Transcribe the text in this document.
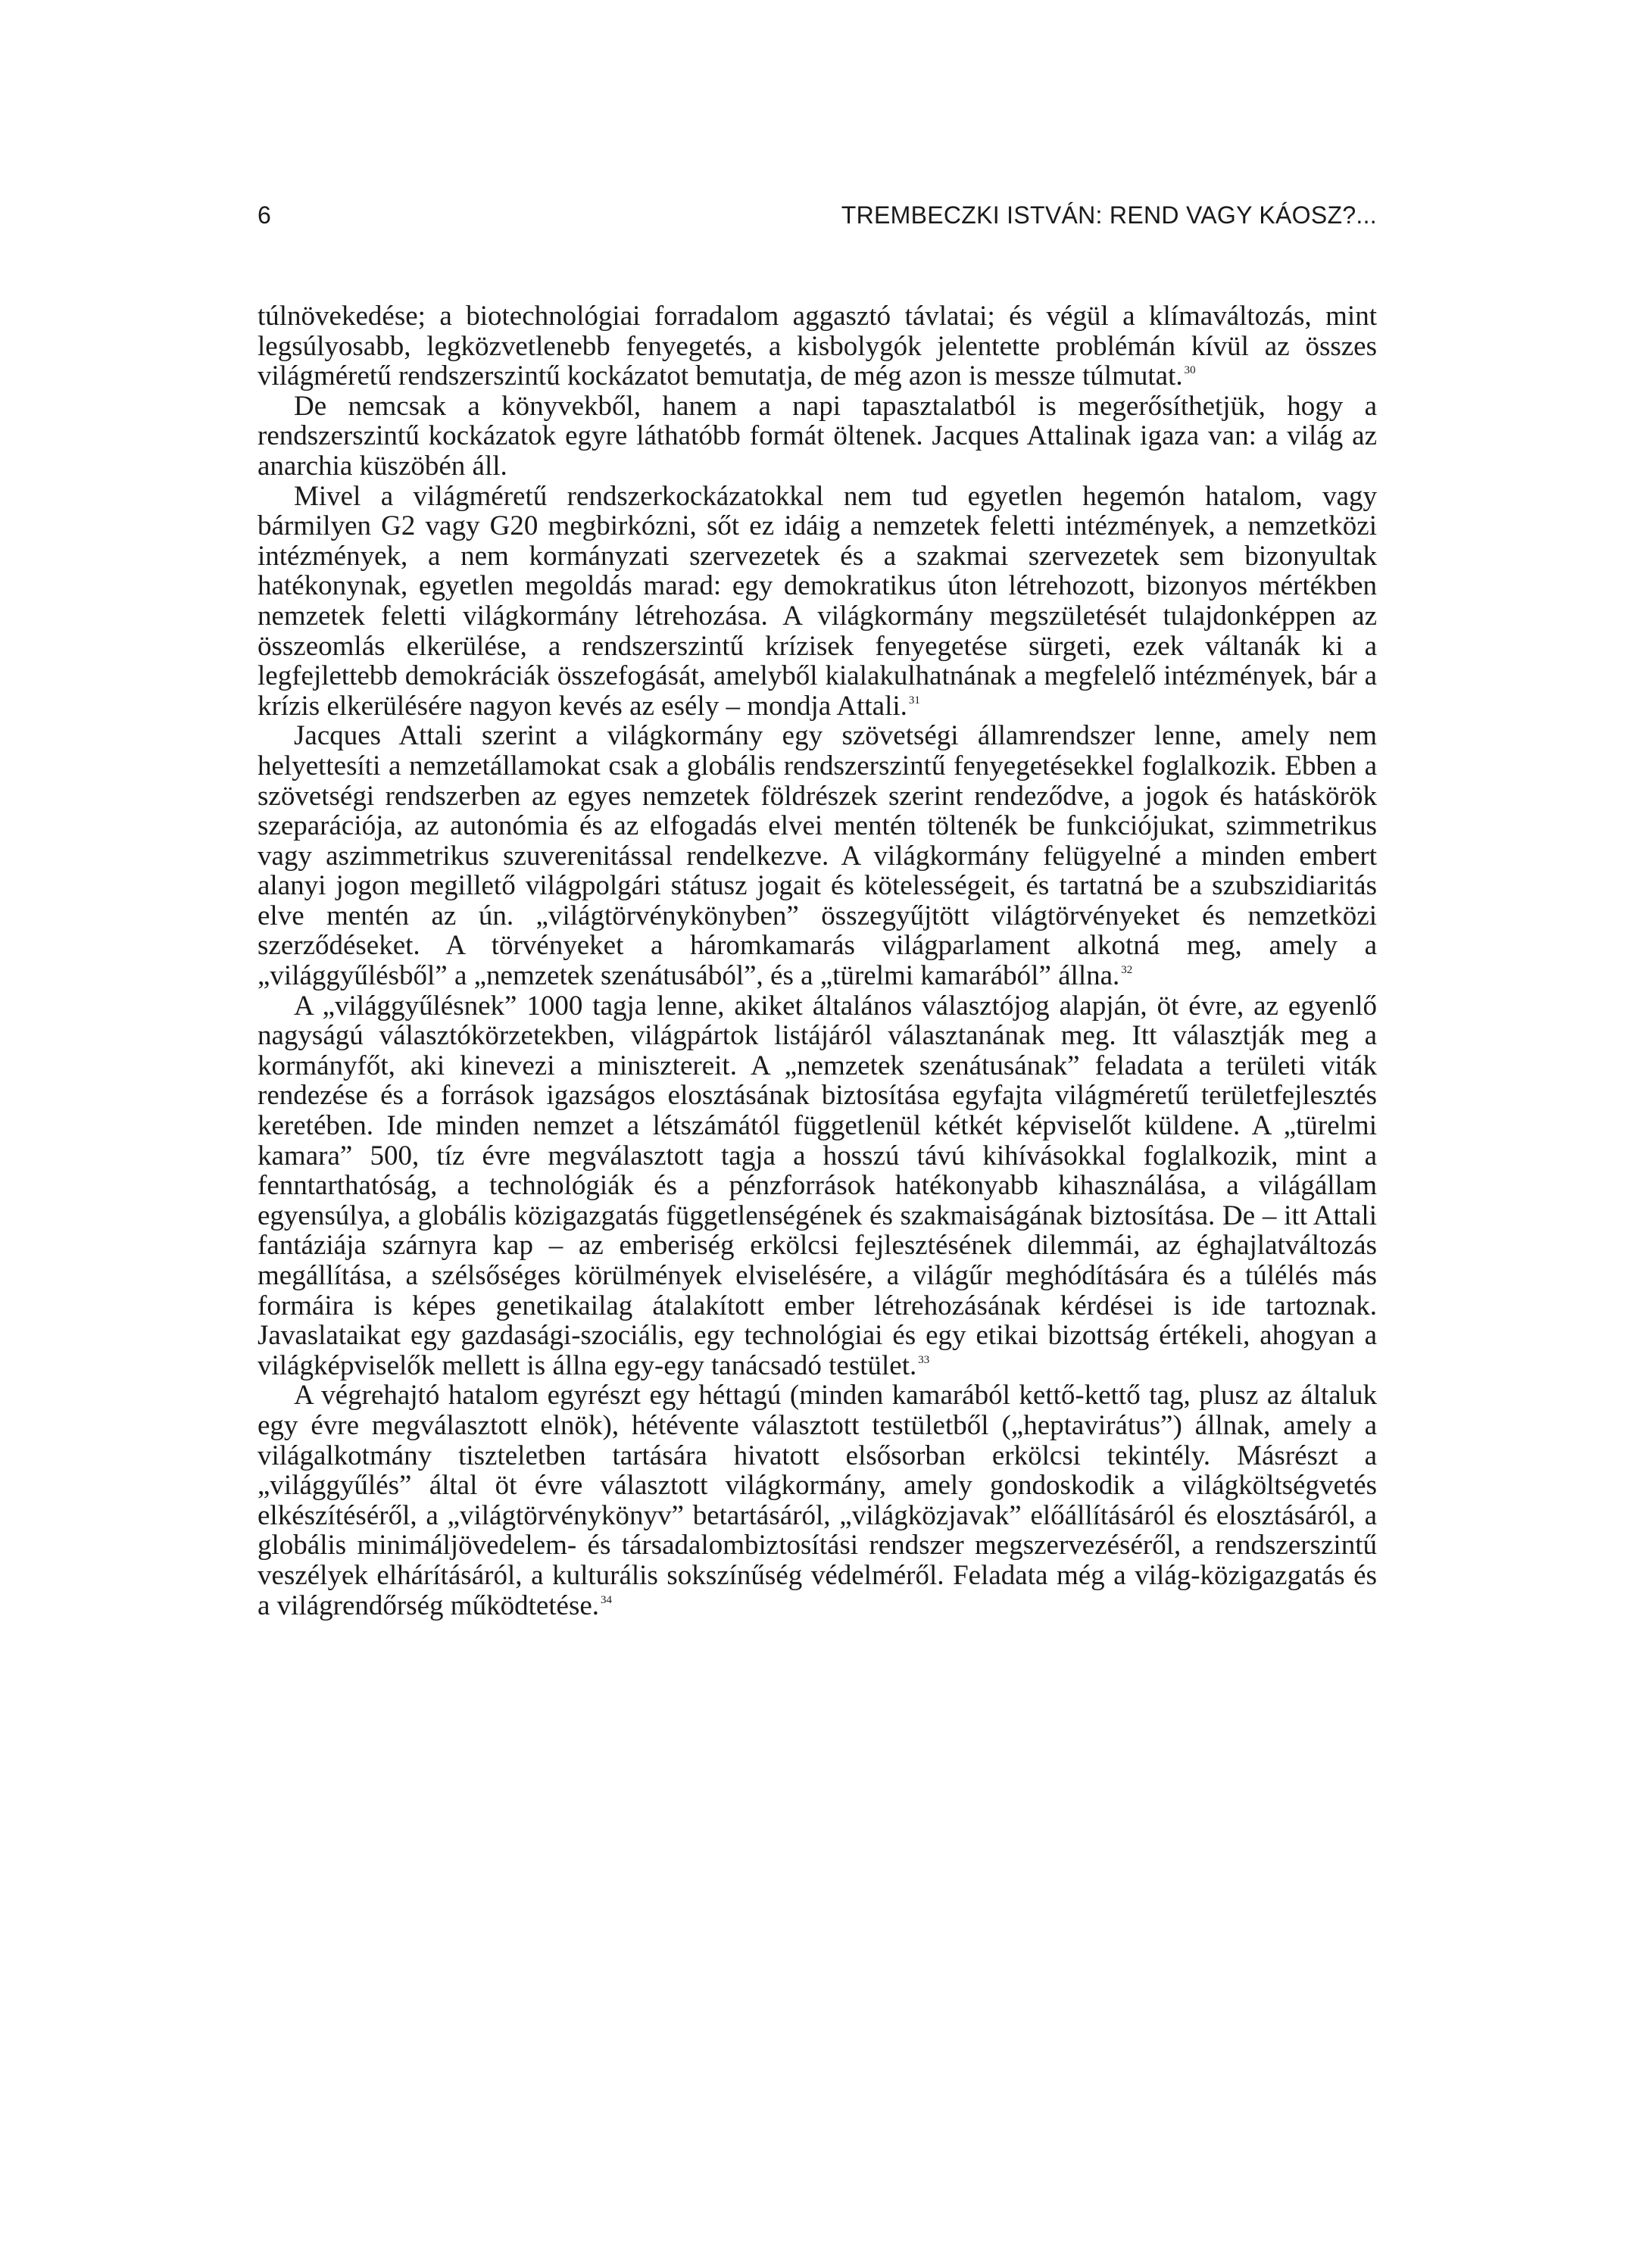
6	TREMBECZKI ISTVÁN: REND VAGY KÁOSZ?...

túlnövekedése; a biotechnológiai forradalom aggasztó távlatai; és végül a klímaváltozás, mint legsúlyosabb, legközvetlenebb fenyegetés, a kisbolygók jelentette problémán kívül az összes világméretű rendszerszintű kockázatot bemutatja, de még azon is messze túlmutat. $^{30}$

De nemcsak a könyvekből, hanem a napi tapasztalatból is megerősíthetjük, hogy a rendszerszintű kockázatok egyre láthatóbb formát öltenek. Jacques Attalinak igaza van: a világ az anarchia küszöbén áll.

Mivel a világméretű rendszerkockázatokkal nem tud egyetlen hegemón hatalom, vagy bármilyen G2 vagy G20 megbirkózni, sőt ez idáig a nemzetek feletti intézmények, a nemzetközi intézmények, a nem kormányzati szervezetek és a szakmai szervezetek sem bizonyultak hatékonynak, egyetlen megoldás marad: egy demokratikus úton létrehozott, bizonyos mértékben nemzetek feletti világkormány létrehozása. A világkormány megszületését tulajdonképpen az összeomlás elkerülése, a rendszerszintű krízisek fenyegetése sürgeti, ezek váltanák ki a legfejlettebb demokráciák összefogását, amelyből kialakulhatnának a megfelelő intézmények, bár a krízis elkerülésére nagyon kevés az esély – mondja Attali. $^{31}$

Jacques Attali szerint a világkormány egy szövetségi államrendszer lenne, amely nem helyettesíti a nemzetállamokat csak a globális rendszerszintű fenyegetésekkel foglalkozik. Ebben a szövetségi rendszerben az egyes nemzetek földrészek szerint rendeződve, a jogok és hatáskörök szeparációja, az autonómia és az elfogadás elvei mentén töltenék be funkciójukat, szimmetrikus vagy aszimmetrikus szuverenitással rendelkezve. A világkormány felügyelné a minden embert alanyi jogon megillető világpolgári státusz jogait és kötelességeit, és tartatná be a szubszidiaritás elve mentén az ún. „világtörvénykönyben” összegyűjtött világtörvényeket és nemzetközi szerződéseket. A törvényeket a háromkamarás világparlament alkotná meg, amely a „világgyűlésből” a „nemzetek szenátusából”, és a „türelmi kamarából” állna. $^{32}$

A „világgyűlésnek” 1000 tagja lenne, akiket általános választójog alapján, öt évre, az egyenlő nagyságú választókörzetekben, világpártok listájáról választanának meg. Itt választják meg a kormányfőt, aki kinevezi a minisztereit. A „nemzetek szenátusának” feladata a területi viták rendezése és a források igazságos elosztásának biztosítása egyfajta világméretű területfejlesztés keretében. Ide minden nemzet a létszámától függetlenül kétkét képviselőt küldene. A „türelmi kamara” 500, tíz évre megválasztott tagja a hosszú távú kihívásokkal foglalkozik, mint a fenntarthatóság, a technológiák és a pénzforrások hatékonyabb kihasználása, a világállam egyensúlya, a globális közigazgatás függetlenségének és szakmaiságának biztosítása. De – itt Attali fantáziája szárnyra kap – az emberiség erkölcsi fejlesztésének dilemmái, az éghajlatváltozás megállítása, a szélsőséges körülmények elviselésére, a világűr meghódítására és a túlélés más formáira is képes genetikailag átalakított ember létrehozásának kérdései is ide tartoznak. Javaslataikat egy gazdasági-szociális, egy technológiai és egy etikai bizottság értékeli, ahogyan a világképviselők mellett is állna egy-egy tanácsadó testület. $^{33}$

A végrehajtó hatalom egyrészt egy héttagú (minden kamarából kettő-kettő tag, plusz az általuk egy évre megválasztott elnök), hétévente választott testületből („heptavirátus”) állnak, amely a világalkotmány tiszteletben tartására hivatott elsősorban erkölcsi tekintély. Másrészt a „világgyűlés” által öt évre választott világkormány, amely gondoskodik a világköltségvetés elkészítéséről, a „világtörvénykönyv” betartásáról, „világközjavak” előállításáról és elosztásáról, a globális minimáljövedelem- és társadalombiztosítási rendszer megszervezéséről, a rendszerszintű veszélyek elhárításáról, a kulturális sokszínűség védelméről. Feladata még a világ-közigazgatás és a világrendőrség működtetése. $^{34}$
